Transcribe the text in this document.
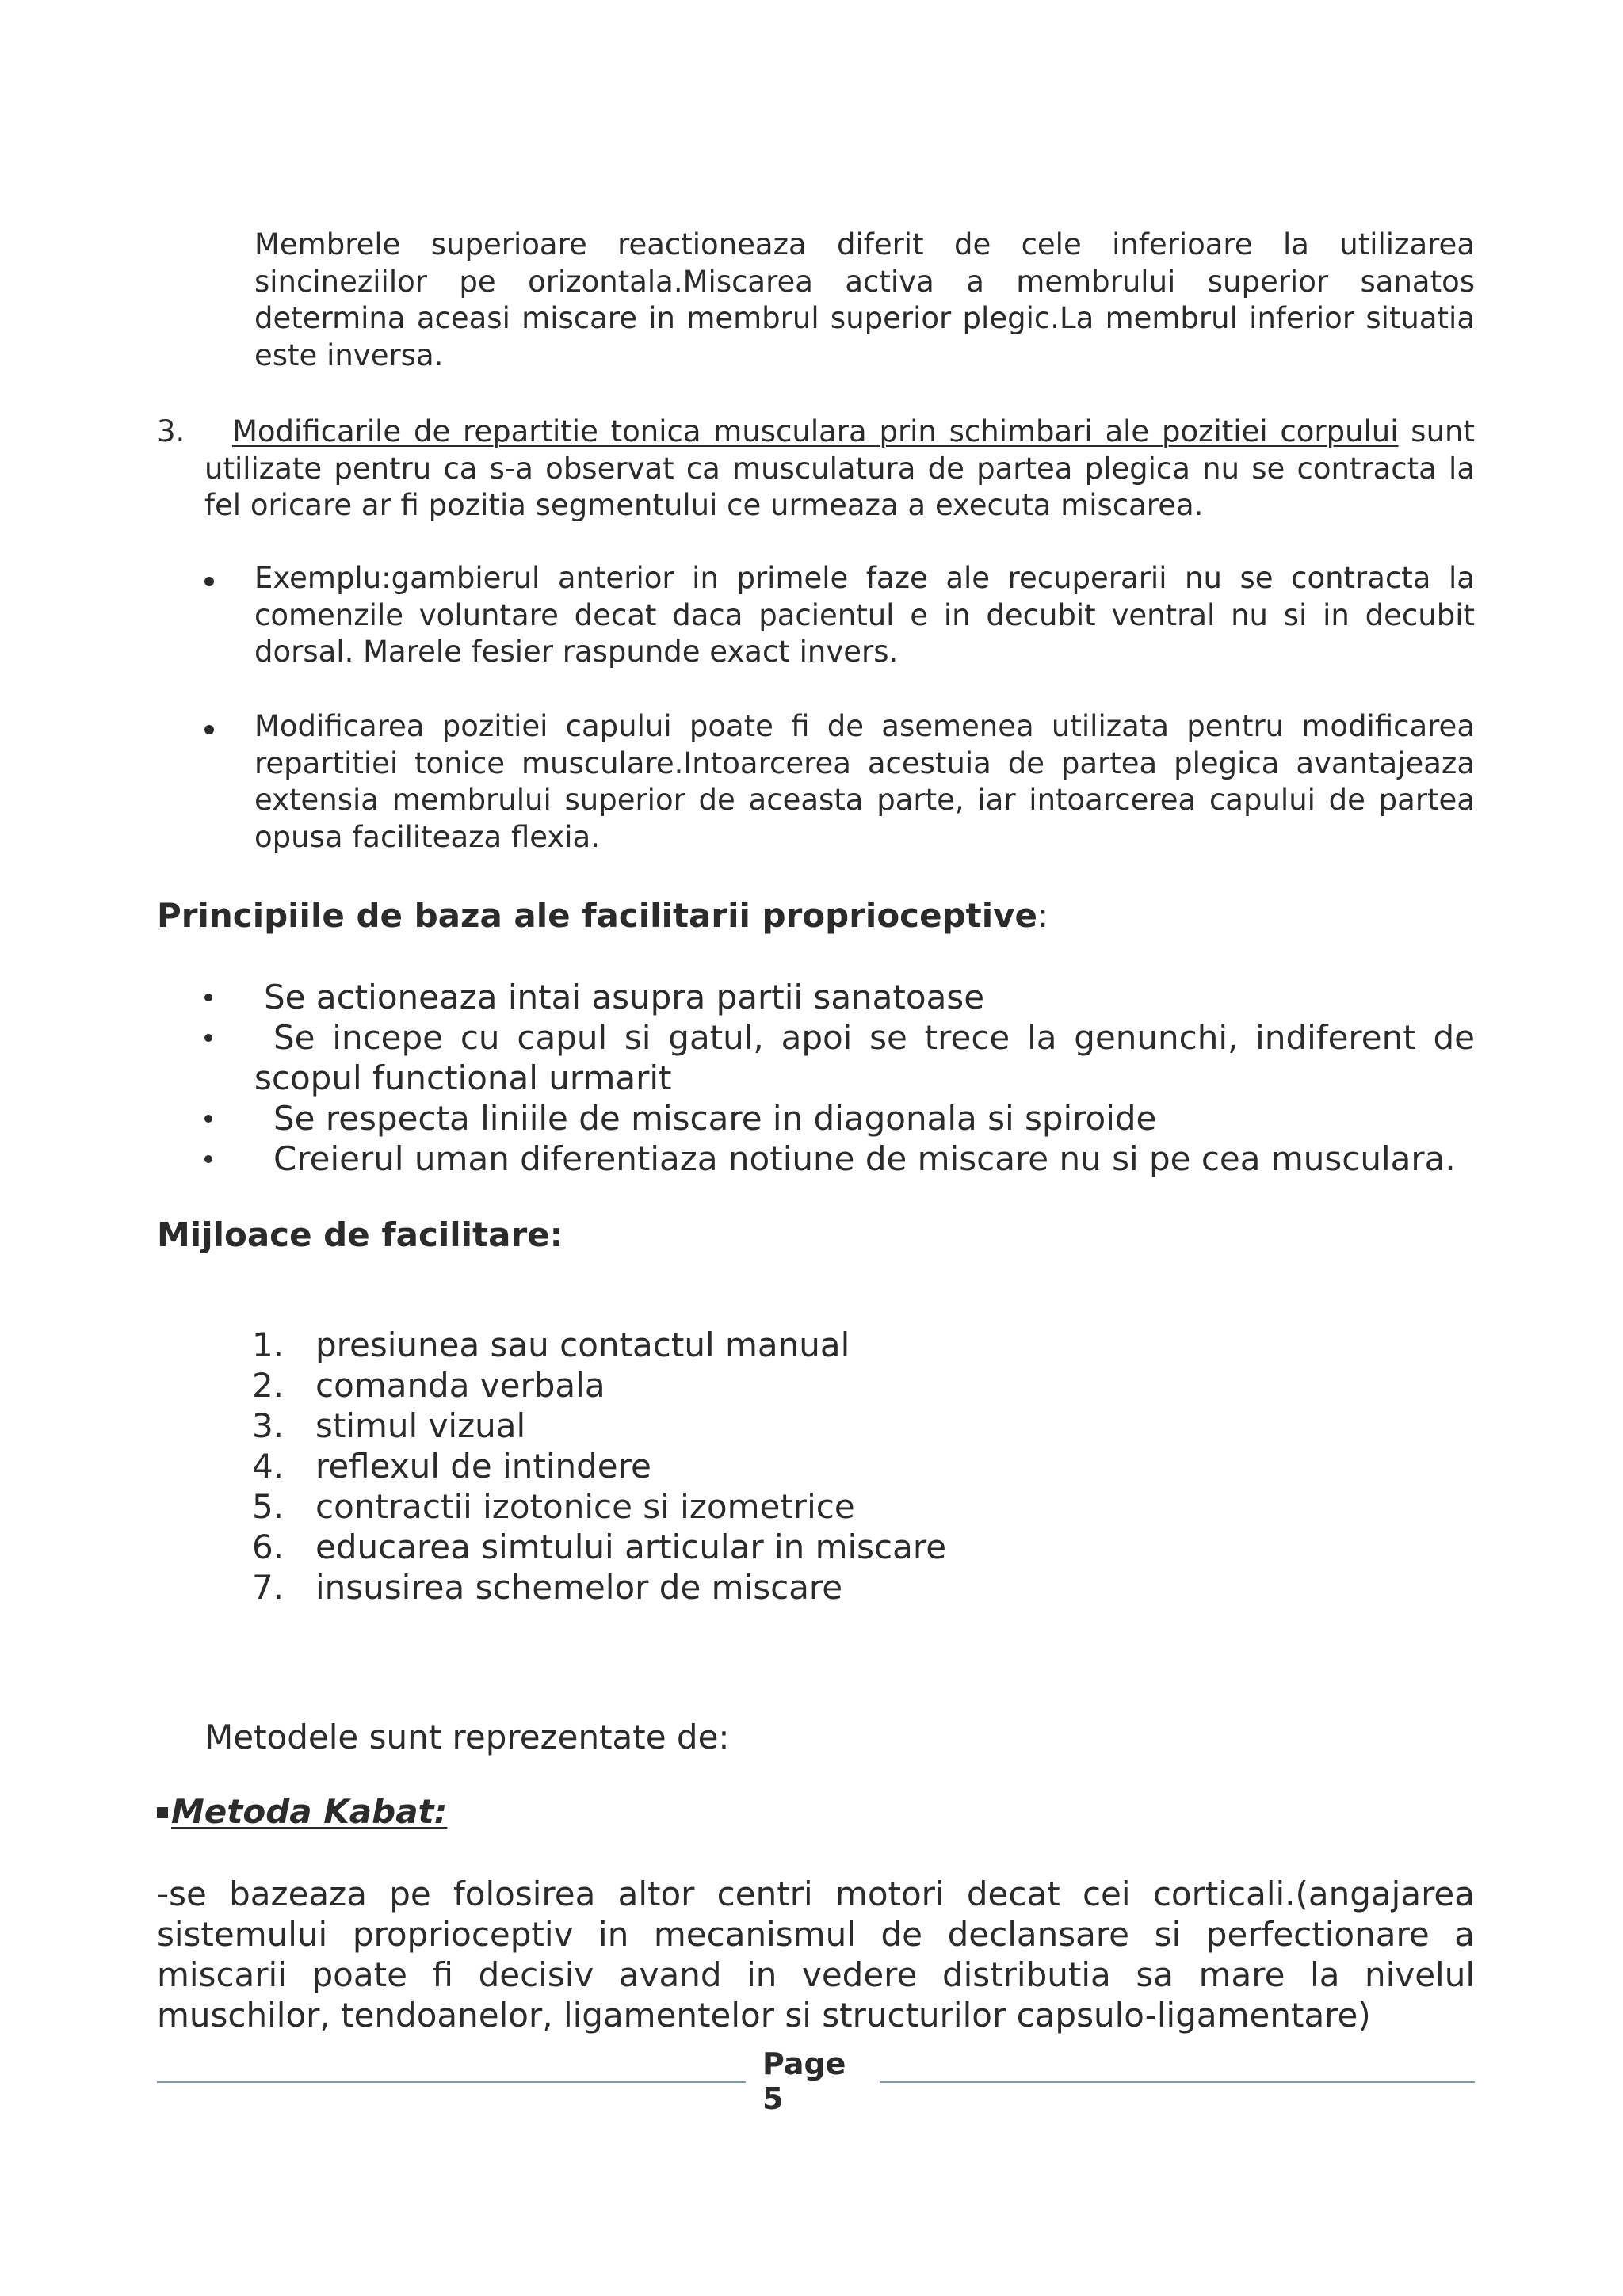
Membrele superioare reactioneaza diferit de cele inferioare la utilizarea sincineziilor pe orizontala.Miscarea activa a membrului superior sanatos determina aceasi miscare in membrul superior plegic.La membrul inferior situatia este inversa.

3.	Modificarile de repartitie tonica musculara prin schimbari ale pozitiei corpului sunt utilizate pentru ca s-a observat ca musculatura de partea plegica nu se contracta la fel oricare ar fi pozitia segmentului ce urmeaza a executa miscarea.

Exemplu:gambierul anterior in primele faze ale recuperarii nu se contracta la comenzile voluntare decat daca pacientul e in decubit ventral nu si in decubit dorsal. Marele fesier raspunde exact invers.

Modificarea pozitiei capului poate fi de asemenea utilizata pentru modificarea repartitiei tonice musculare.Intoarcerea acestuia de partea plegica avantajeaza extensia membrului superior de aceasta parte, iar intoarcerea capului de partea opusa faciliteaza flexia.

Principiile de baza ale facilitarii proprioceptive:

Se actioneaza intai asupra partii sanatoase

Se incepe cu capul si gatul, apoi se trece la genunchi, indiferent de scopul functional urmarit

Se respecta liniile de miscare in diagonala si spiroide

Creierul uman diferentiaza notiune de miscare nu si pe cea musculara.

Mijloace de facilitare:
1. presiunea sau contactul manual
2. comanda verbala
3. stimul vizual
4. reflexul de intindere
5. contractii izotonice si izometrice
6. educarea simtului articular in miscare
7. insusirea schemelor de miscare

Metodele sunt reprezentate de:

Metoda Kabat:

-se bazeaza pe folosirea altor centri motori decat cei corticali.(angajarea sistemului proprioceptiv in mecanismul de declansare si perfectionare a miscarii poate fi decisiv avand in vedere distributia sa mare la nivelul muschilor, tendoanelor, ligamentelor si structurilor capsulo-ligamentare)

Page
5
